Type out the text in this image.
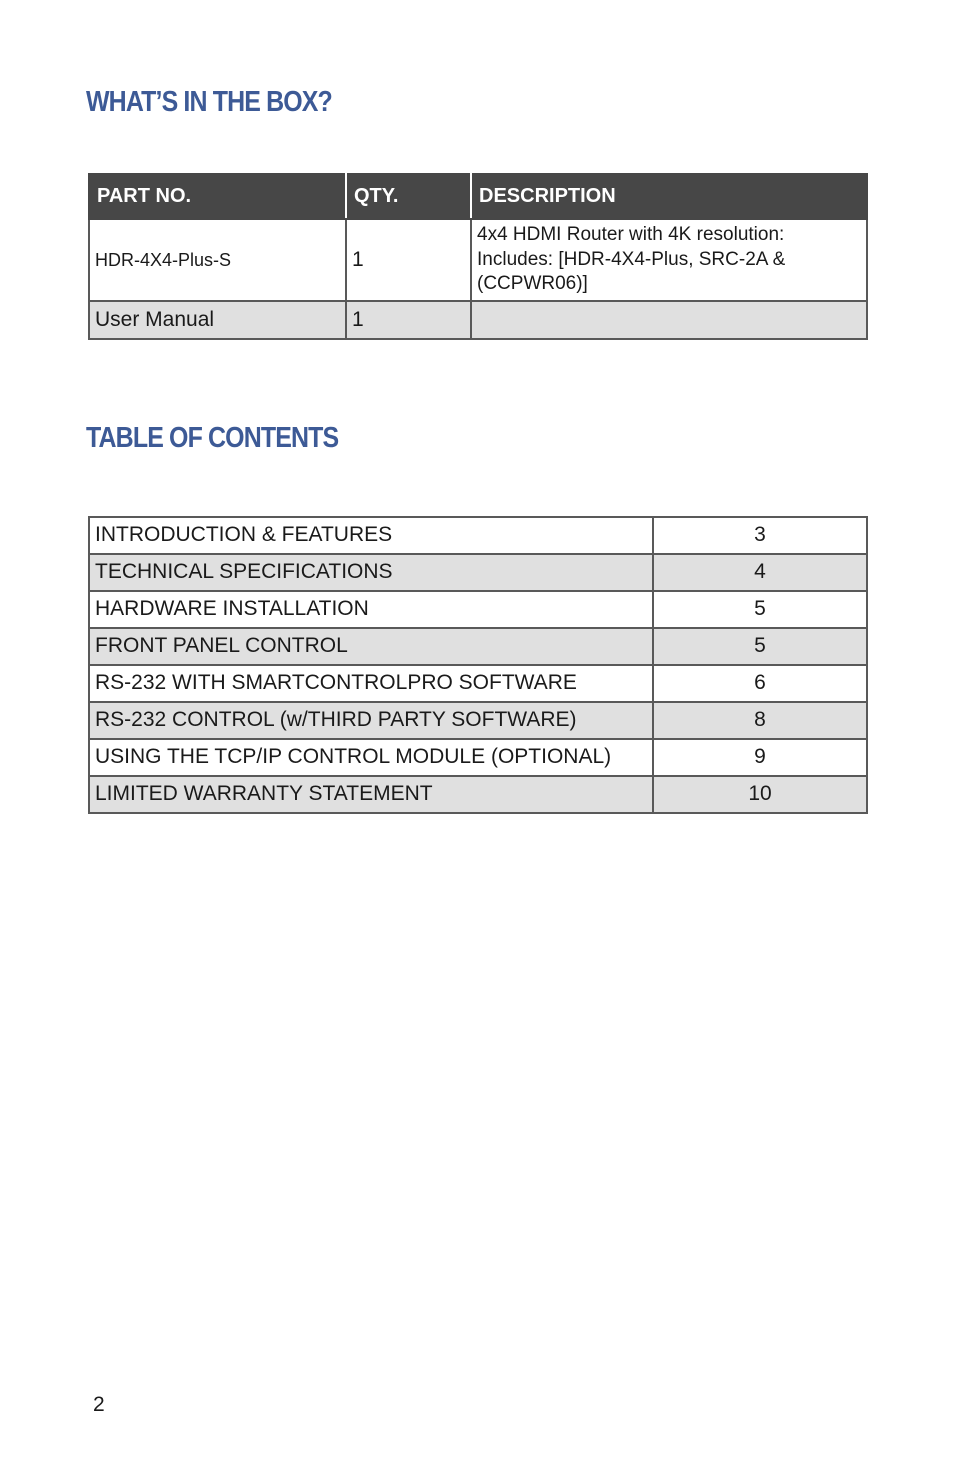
WHAT’S IN THE BOX?
PART NO.	QTY.	DESCRIPTION
HDR-4X4-Plus-S	1	4x4 HDMI Router with 4K resolution:
Includes: [HDR-4X4-Plus, SRC-2A &
(CCPWR06)]

User Manual	1	
TABLE OF CONTENTS
INTRODUCTION & FEATURES	3
TECHNICAL SPECIFICATIONS	4
HARDWARE INSTALLATION	5
FRONT PANEL CONTROL	5
RS-232 WITH SMARTCONTROLPRO SOFTWARE	6
RS-232 CONTROL (w/THIRD PARTY SOFTWARE)	8
USING THE TCP/IP CONTROL MODULE (OPTIONAL)	9
LIMITED WARRANTY STATEMENT	10

2
